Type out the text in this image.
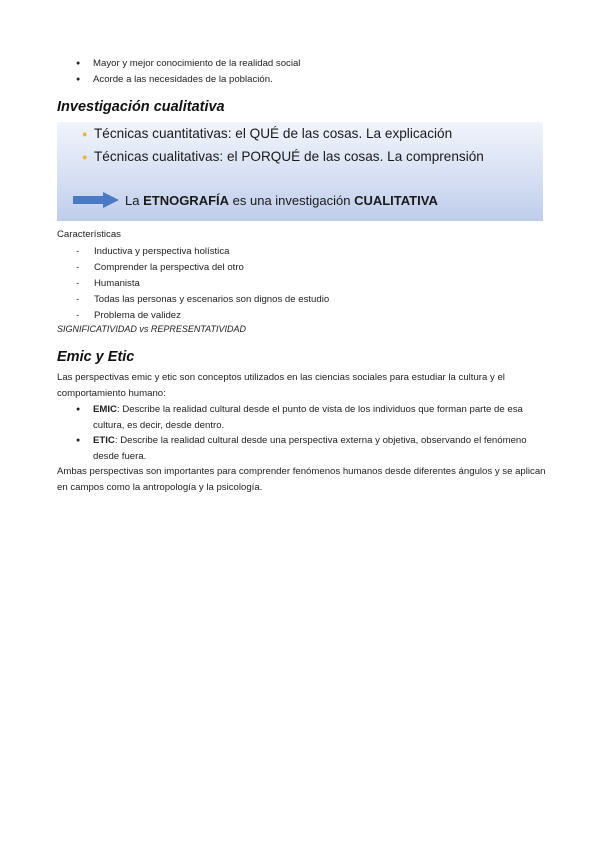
● Mayor y mejor conocimiento de la realidad social
● Acorde a las necesidades de la población.
Investigación cualitativa
● Técnicas cuantitativas: el QUÉ de las cosas. La explicación
● Técnicas cualitativas: el PORQUÉ de las cosas. La comprensión
La ETNOGRAFÍA es una investigación CUALITATIVA
Características
- Inductiva y perspectiva holística
- Comprender la perspectiva del otro
- Humanista
- Todas las personas y escenarios son dignos de estudio
- Problema de validez
SIGNIFICATIVIDAD vs REPRESENTATIVIDAD
Emic y Etic

Las perspectivas emic y etic son conceptos utilizados en las ciencias sociales para estudiar la cultura y el comportamiento humano:

● EMIC: Describe la realidad cultural desde el punto de vista de los individuos que forman parte de esa cultura, es decir, desde dentro.
● ETIC: Describe la realidad cultural desde una perspectiva externa y objetiva, observando el fenómeno desde fuera.

Ambas perspectivas son importantes para comprender fenómenos humanos desde diferentes ángulos y se aplican en campos como la antropología y la psicología.
